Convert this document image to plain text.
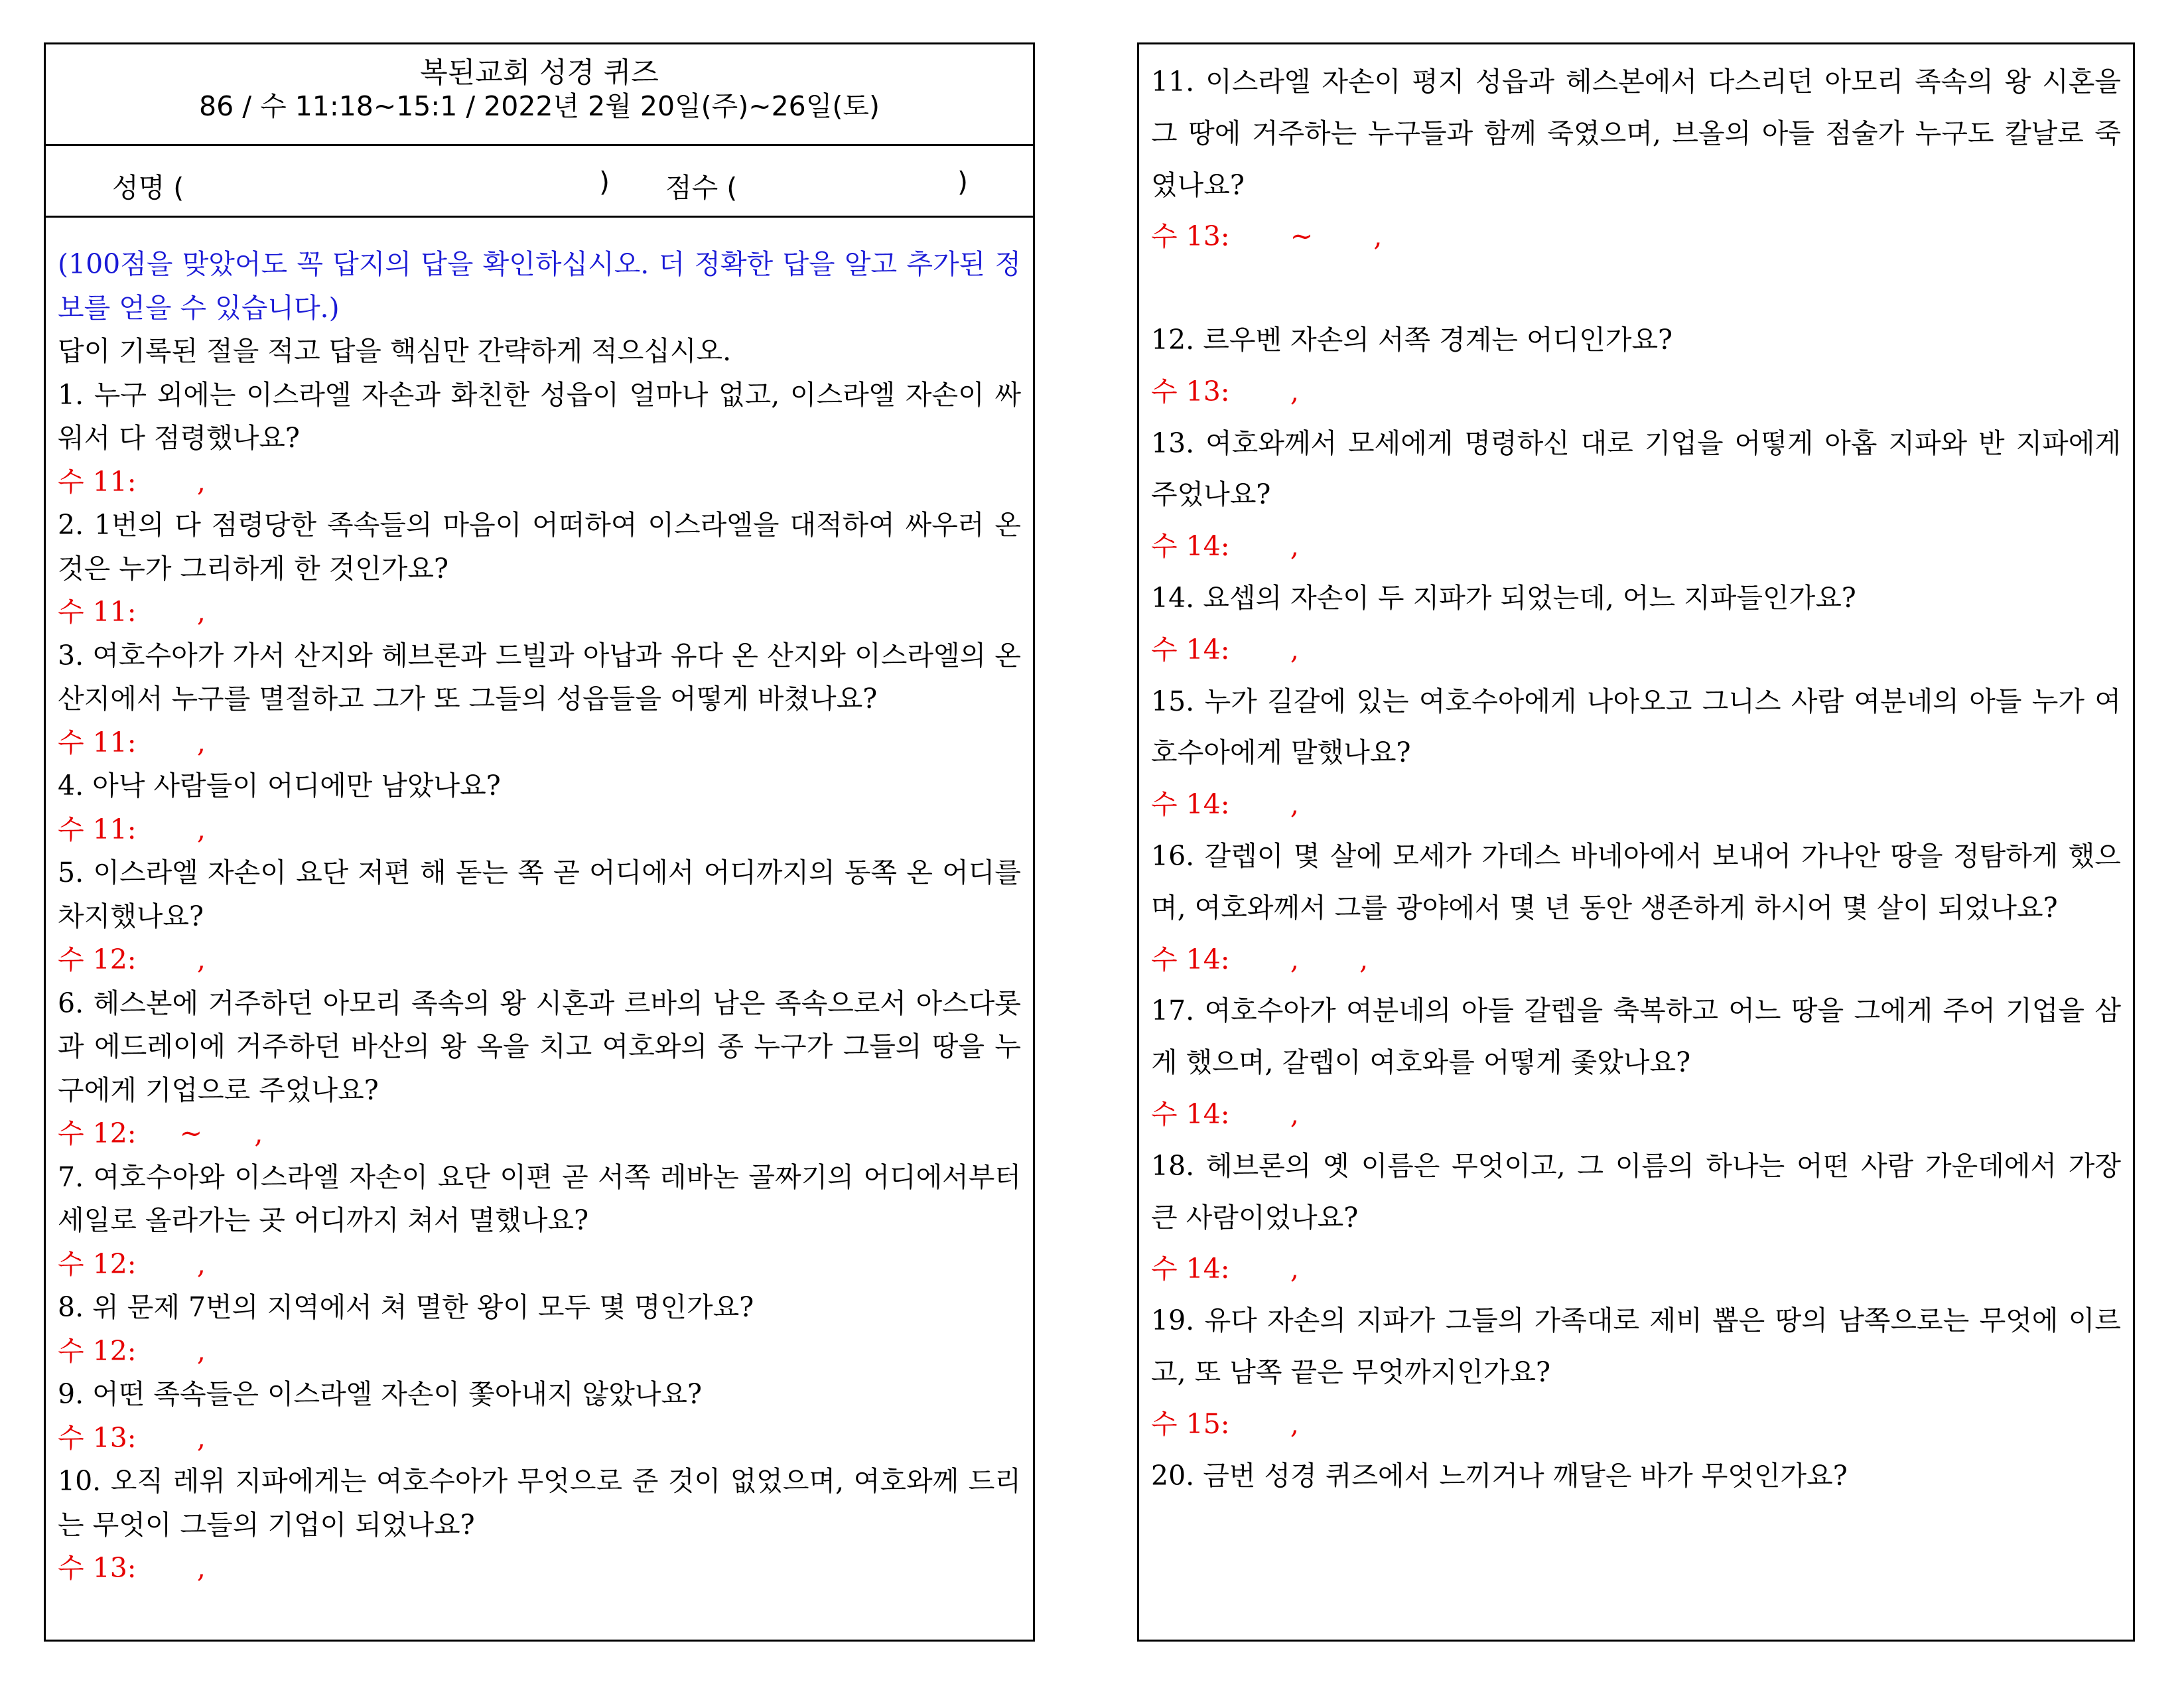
복된교회 성경 퀴즈
86 / 수 11:18~15:1 / 2022년 2월 20일(주)~26일(토)
성명 (	) 점수 (	)
(100점을 맞았어도 꼭 답지의 답을 확인하십시오. 더 정확한 답을 알고 추가된 정보를 얻을 수 있습니다.)
답이 기록된 절을 적고 답을 핵심만 간략하게 적으십시오.
1. 누구 외에는 이스라엘 자손과 화친한 성읍이 얼마나 없고, 이스라엘 자손이 싸워서 다 점령했나요?
수 11:       ,
2. 1번의 다 점령당한 족속들의 마음이 어떠하여 이스라엘을 대적하여 싸우러 온 것은 누가 그리하게 한 것인가요?
수 11:       ,
3. 여호수아가 가서 산지와 헤브론과 드빌과 아납과 유다 온 산지와 이스라엘의 온 산지에서 누구를 멸절하고 그가 또 그들의 성읍들을 어떻게 바쳤나요?
수 11:       ,
4. 아낙 사람들이 어디에만 남았나요?
수 11:       ,
5. 이스라엘 자손이 요단 저편 해 돋는 쪽 곧 어디에서 어디까지의 동쪽 온 어디를 차지했나요?
수 12:       ,
6. 헤스본에 거주하던 아모리 족속의 왕 시혼과 르바의 남은 족속으로서 아스다롯과 에드레이에 거주하던 바산의 왕 옥을 치고 여호와의 종 누구가 그들의 땅을 누구에게 기업으로 주었나요?
수 12:     ~      ,
7. 여호수아와 이스라엘 자손이 요단 이편 곧 서쪽 레바논 골짜기의 어디에서부터 세일로 올라가는 곳 어디까지 쳐서 멸했나요?
수 12:       ,
8. 위 문제 7번의 지역에서 쳐 멸한 왕이 모두 몇 명인가요?
수 12:       ,
9. 어떤 족속들은 이스라엘 자손이 쫓아내지 않았나요?
수 13:       ,
10. 오직 레위 지파에게는 여호수아가 무엇으로 준 것이 없었으며, 여호와께 드리는 무엇이 그들의 기업이 되었나요?
수 13:       ,
11. 이스라엘 자손이 평지 성읍과 헤스본에서 다스리던 아모리 족속의 왕 시혼을 그 땅에 거주하는 누구들과 함께 죽였으며, 브올의 아들 점술가 누구도 칼날로 죽였나요?
수 13:       ~       ,
12. 르우벤 자손의 서쪽 경계는 어디인가요?
수 13:       ,
13. 여호와께서 모세에게 명령하신 대로 기업을 어떻게 아홉 지파와 반 지파에게 주었나요?
수 14:       ,
14. 요셉의 자손이 두 지파가 되었는데, 어느 지파들인가요?
수 14:       ,
15. 누가 길갈에 있는 여호수아에게 나아오고 그니스 사람 여분네의 아들 누가 여호수아에게 말했나요?
수 14:       ,
16. 갈렙이 몇 살에 모세가 가데스 바네아에서 보내어 가나안 땅을 정탐하게 했으며, 여호와께서 그를 광야에서 몇 년 동안 생존하게 하시어 몇 살이 되었나요?
수 14:       ,       ,
17. 여호수아가 여분네의 아들 갈렙을 축복하고 어느 땅을 그에게 주어 기업을 삼게 했으며, 갈렙이 여호와를 어떻게 좇았나요?
수 14:       ,
18. 헤브론의 옛 이름은 무엇이고, 그 이름의 하나는 어떤 사람 가운데에서 가장 큰 사람이었나요?
수 14:       ,
19. 유다 자손의 지파가 그들의 가족대로 제비 뽑은 땅의 남쪽으로는 무엇에 이르고, 또 남쪽 끝은 무엇까지인가요?
수 15:       ,
20. 금번 성경 퀴즈에서 느끼거나 깨달은 바가 무엇인가요?
